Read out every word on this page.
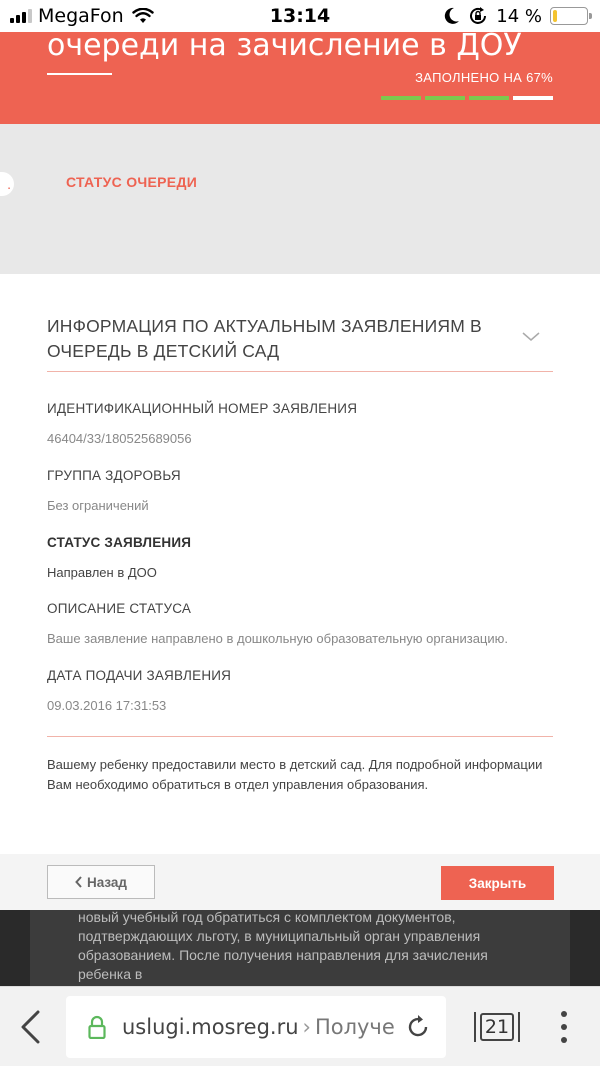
MegaFon	13:14	14 %
очереди на зачисление в ДОУ
ЗАПОЛНЕНО НА 67%
.	СТАТУС ОЧЕРЕДИ
ИНФОРМАЦИЯ ПО АКТУАЛЬНЫМ ЗАЯВЛЕНИЯМ В ОЧЕРЕДЬ В ДЕТСКИЙ САД
ИДЕНТИФИКАЦИОННЫЙ НОМЕР ЗАЯВЛЕНИЯ
46404/33/180525689056
ГРУППА ЗДОРОВЬЯ
Без ограничений
СТАТУС ЗАЯВЛЕНИЯ
Направлен в ДОО
ОПИСАНИЕ СТАТУСА
Ваше заявление направлено в дошкольную образовательную организацию.
ДАТА ПОДАЧИ ЗАЯВЛЕНИЯ
09.03.2016 17:31:53
Вашему ребенку предоставили место в детский сад. Для подробной информации Вам необходимо обратиться в отдел управления образования.
Назад	Закрыть

новый учебный год обратиться с комплектом документов, подтверждающих льготу, в муниципальный орган управления образованием. После получения направления для зачисления ребенка в

uslugi.mosreg.ru › Получе	21
